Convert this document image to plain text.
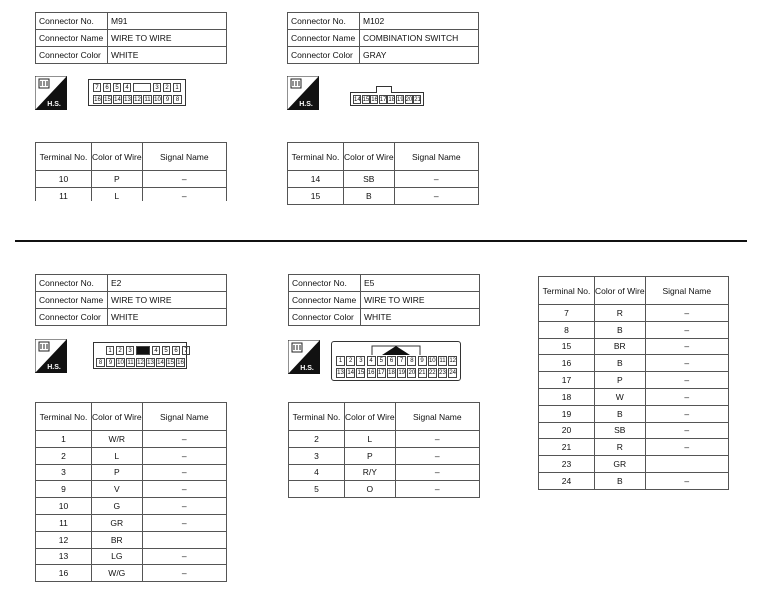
Connector No.	M91
Connector Name	WIRE TO WIRE
Connector Color	WHITE
H.S.
7	6	5	4	3	2	1
16 15 14 13 12 11 10 9	8
Terminal No.	Color of Wire	Signal Name
10	P	–
11	L	–
Connector No.	M102
Connector Name	COMBINATION SWITCH
Connector Color	GRAY
H.S.
14 15 16 17 18 19 20 21
Terminal No.	Color of Wire	Signal Name
14	SB	–
15	B	–
Connector No.	E2
Connector Name	WIRE TO WIRE
Connector Color	WHITE
H.S.
1	2	3	4	5	6	7
8	9 10 11 12 13 14 15 16
Terminal No.	Color of Wire	Signal Name
1	W/R	–
2	L	–
3	P	–
9	V	–
10	G	–
11	GR	–
12	BR	
13	LG	–
16	W/G	–
Connector No.	E5
Connector Name	WIRE TO WIRE
Connector Color	WHITE
H.S.
1	2	3	4	5	6	7	8	9 10 11 12
13 14 15 16 17 18 19 20 21 22 23 24
Terminal No.	Color of Wire	Signal Name
2	L	–
3	P	–
4	R/Y	–
5	O	–
Terminal No.	Color of Wire	Signal Name
7	R	–
8	B	–
15	BR	–
16	B	–
17	P	–
18	W	–
19	B	–
20	SB	–
21	R	–
23	GR	
24	B	–
